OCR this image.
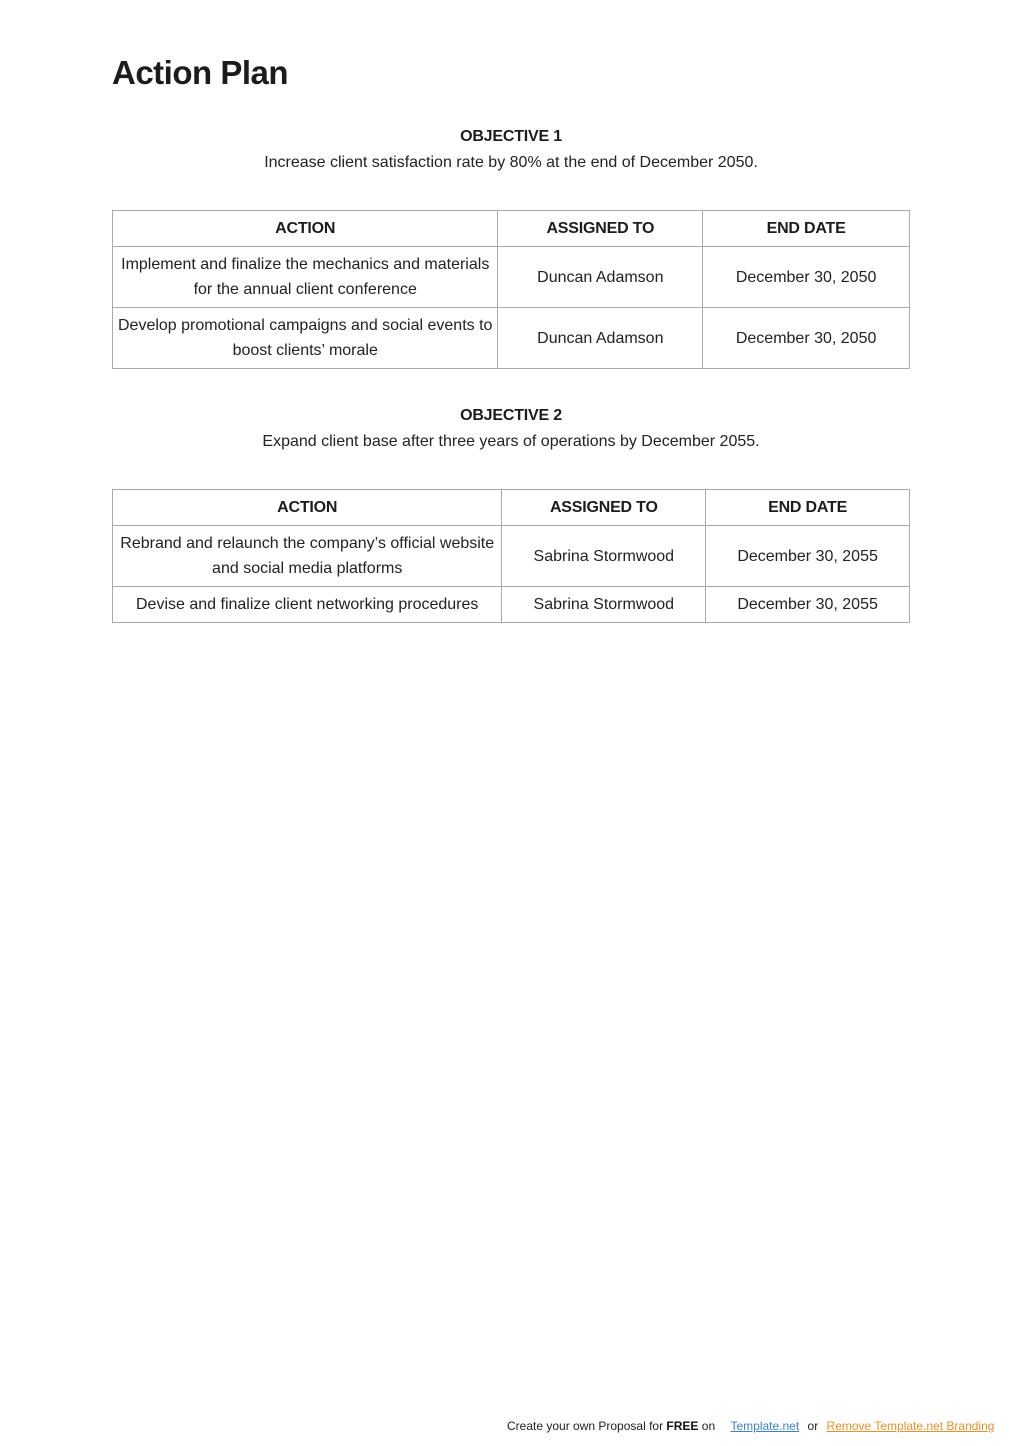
Action Plan
OBJECTIVE 1
Increase client satisfaction rate by 80% at the end of December 2050.
ACTION	ASSIGNED TO	END DATE
Implement and finalize the mechanics and materials for the annual client conference	Duncan Adamson	December 30, 2050
Develop promotional campaigns and social events to boost clients’ morale	Duncan Adamson	December 30, 2050
OBJECTIVE 2
Expand client base after three years of operations by December 2055.
ACTION	ASSIGNED TO	END DATE
Rebrand and relaunch the company’s official website and social media platforms	Sabrina Stormwood	December 30, 2055
Devise and finalize client networking procedures	Sabrina Stormwood	December 30, 2055
Create your own Proposal for FREE on Template.net or Remove Template.net Branding
